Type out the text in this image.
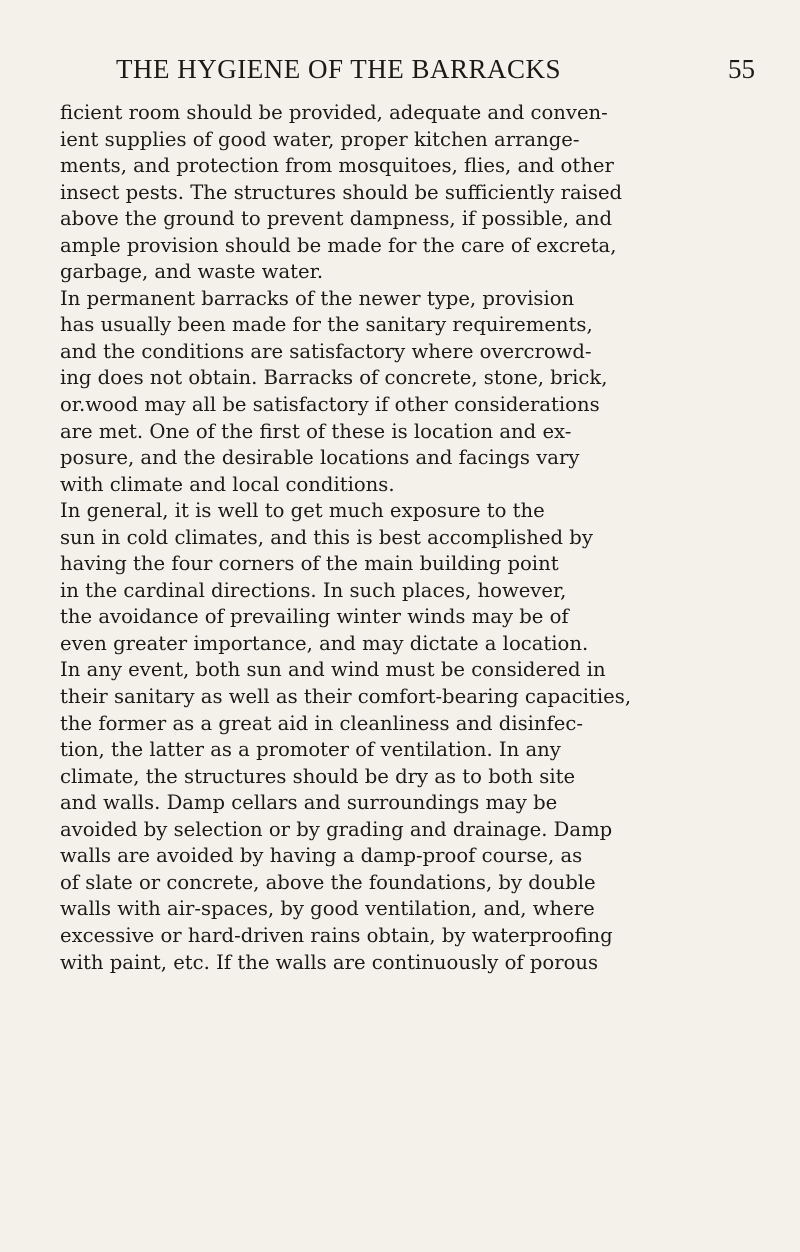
THE HYGIENE OF THE BARRACKS	55
ficient room should be provided, adequate and conven-
ient supplies of good water, proper kitchen arrange-
ments, and protection from mosquitoes, flies, and other
insect pests. The structures should be sufficiently raised
above the ground to prevent dampness, if possible, and
ample provision should be made for the care of excreta,
garbage, and waste water.
In permanent barracks of the newer type, provision
has usually been made for the sanitary requirements,
and the conditions are satisfactory where overcrowd-
ing does not obtain. Barracks of concrete, stone, brick,
or.wood may all be satisfactory if other considerations
are met. One of the first of these is location and ex-
posure, and the desirable locations and facings vary
with climate and local conditions.
In general, it is well to get much exposure to the
sun in cold climates, and this is best accomplished by
having the four corners of the main building point
in the cardinal directions. In such places, however,
the avoidance of prevailing winter winds may be of
even greater importance, and may dictate a location.
In any event, both sun and wind must be considered in
their sanitary as well as their comfort-bearing capacities,
the former as a great aid in cleanliness and disinfec-
tion, the latter as a promoter of ventilation. In any
climate, the structures should be dry as to both site
and walls. Damp cellars and surroundings may be
avoided by selection or by grading and drainage. Damp
walls are avoided by having a damp-proof course, as
of slate or concrete, above the foundations, by double
walls with air-spaces, by good ventilation, and, where
excessive or hard-driven rains obtain, by waterproofing
with paint, etc. If the walls are continuously of porous
